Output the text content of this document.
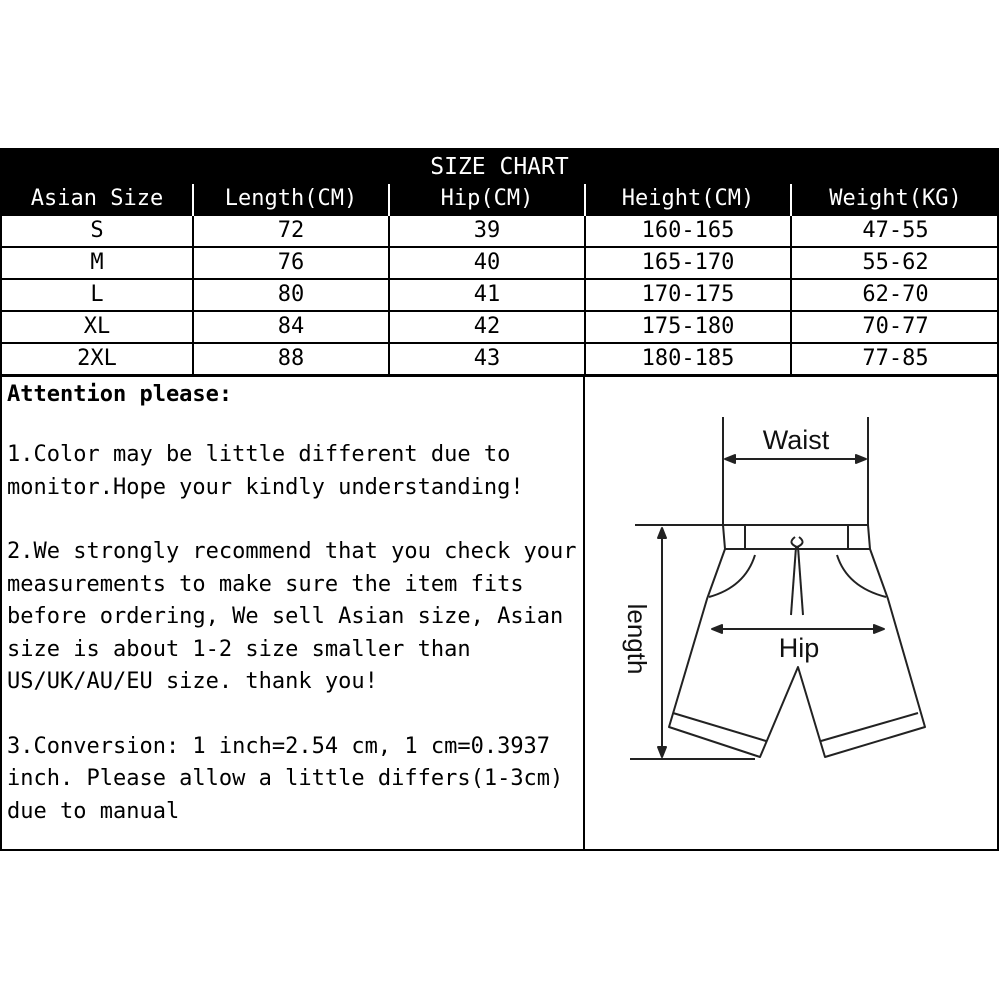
SIZE CHART
Asian Size	Length(CM)	Hip(CM)	Height(CM)	Weight(KG)
S	72	39	160-165	47-55
M	76	40	165-170	55-62
L	80	41	170-175	62-70
XL	84	42	175-180	70-77
2XL	88	43	180-185	77-85
Attention please:

1.Color may be little different due to monitor.Hope your kindly understanding!

2.We strongly recommend that you check your measurements to make sure the item fits before ordering, We sell Asian size, Asian size is about 1-2 size smaller than US/UK/AU/EU size. thank you!

3.Conversion: 1 inch=2.54 cm, 1 cm=0.3937 inch. Please allow a little differs(1-3cm) due to manual

Waist
Hip
length
